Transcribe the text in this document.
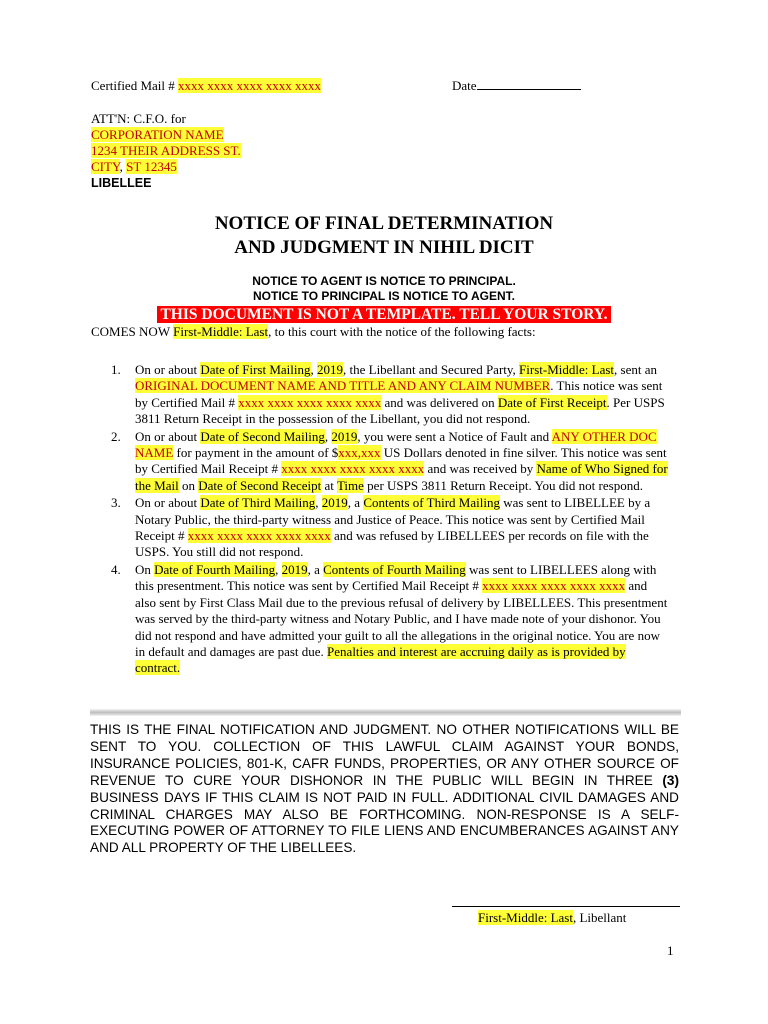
Certified Mail # xxxx xxxx xxxx xxxx xxxx	Date
ATT'N: C.F.O. for
CORPORATION NAME
1234 THEIR ADDRESS ST.
CITY, ST 12345
LIBELLEE
NOTICE OF FINAL DETERMINATION
AND JUDGMENT IN NIHIL DICIT
NOTICE TO AGENT IS NOTICE TO PRINCIPAL.
NOTICE TO PRINCIPAL IS NOTICE TO AGENT.
THIS DOCUMENT IS NOT A TEMPLATE. TELL YOUR STORY.
COMES NOW First-Middle: Last, to this court with the notice of the following facts:
1. On or about Date of First Mailing, 2019, the Libellant and Secured Party, First-Middle: Last, sent an ORIGINAL DOCUMENT NAME AND TITLE AND ANY CLAIM NUMBER. This notice was sent by Certified Mail # xxxx xxxx xxxx xxxx xxxx and was delivered on Date of First Receipt. Per USPS 3811 Return Receipt in the possession of the Libellant, you did not respond.
2. On or about Date of Second Mailing, 2019, you were sent a Notice of Fault and ANY OTHER DOC NAME for payment in the amount of $xxx,xxx US Dollars denoted in fine silver. This notice was sent by Certified Mail Receipt # xxxx xxxx xxxx xxxx xxxx and was received by Name of Who Signed for the Mail on Date of Second Receipt at Time per USPS 3811 Return Receipt. You did not respond.
3. On or about Date of Third Mailing, 2019, a Contents of Third Mailing was sent to LIBELLEE by a Notary Public, the third-party witness and Justice of Peace. This notice was sent by Certified Mail Receipt # xxxx xxxx xxxx xxxx xxxx and was refused by LIBELLEES per records on file with the USPS. You still did not respond.
4. On Date of Fourth Mailing, 2019, a Contents of Fourth Mailing was sent to LIBELLEES along with this presentment. This notice was sent by Certified Mail Receipt # xxxx xxxx xxxx xxxx xxxx and also sent by First Class Mail due to the previous refusal of delivery by LIBELLEES. This presentment was served by the third-party witness and Notary Public, and I have made note of your dishonor. You did not respond and have admitted your guilt to all the allegations in the original notice. You are now in default and damages are past due. Penalties and interest are accruing daily as is provided by contract.
THIS IS THE FINAL NOTIFICATION AND JUDGMENT. NO OTHER NOTIFICATIONS WILL BE SENT TO YOU. COLLECTION OF THIS LAWFUL CLAIM AGAINST YOUR BONDS, INSURANCE POLICIES, 801-K, CAFR FUNDS, PROPERTIES, OR ANY OTHER SOURCE OF REVENUE TO CURE YOUR DISHONOR IN THE PUBLIC WILL BEGIN IN THREE (3) BUSINESS DAYS IF THIS CLAIM IS NOT PAID IN FULL. ADDITIONAL CIVIL DAMAGES AND CRIMINAL CHARGES MAY ALSO BE FORTHCOMING. NON-RESPONSE IS A SELF-EXECUTING POWER OF ATTORNEY TO FILE LIENS AND ENCUMBERANCES AGAINST ANY AND ALL PROPERTY OF THE LIBELLEES.
First-Middle: Last, Libellant
1
